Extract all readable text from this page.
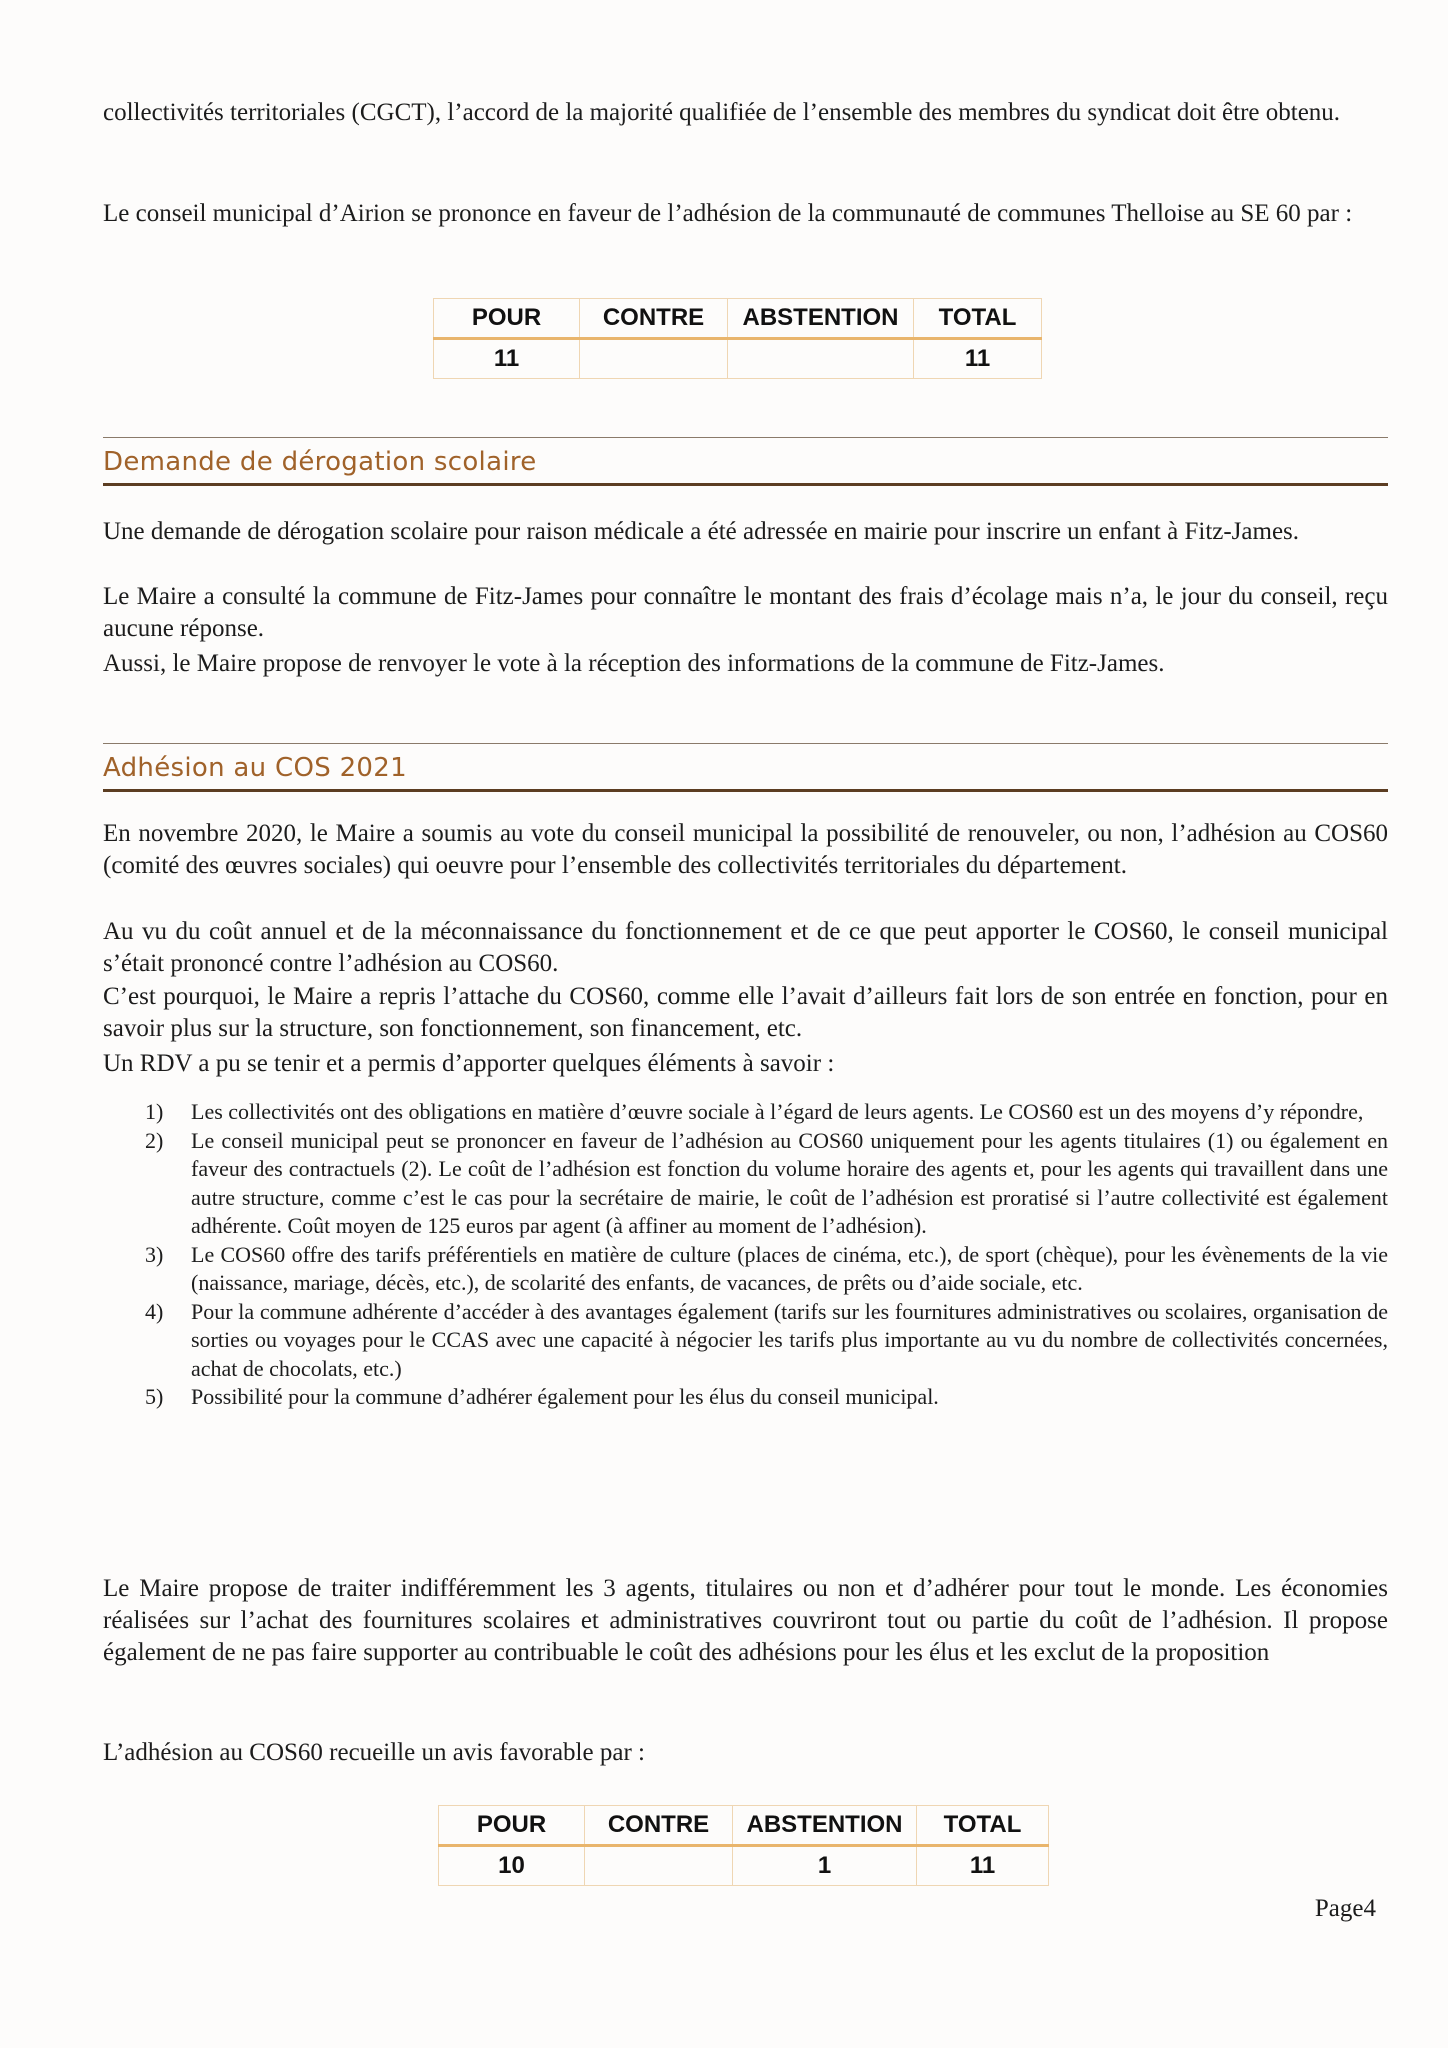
collectivités territoriales (CGCT), l’accord de la majorité qualifiée de l’ensemble des membres du syndicat doit être obtenu.

Le conseil municipal d’Airion se prononce en faveur de l’adhésion de la communauté de communes Thelloise au SE 60 par :

POUR	CONTRE	ABSTENTION	TOTAL
11			11
Demande de dérogation scolaire

Une demande de dérogation scolaire pour raison médicale a été adressée en mairie pour inscrire un enfant à Fitz-James.

Le Maire a consulté la commune de Fitz-James pour connaître le montant des frais d’écolage mais n’a, le jour du conseil, reçu aucune réponse.

Aussi, le Maire propose de renvoyer le vote à la réception des informations de la commune de Fitz-James.

Adhésion au COS 2021

En novembre 2020, le Maire a soumis au vote du conseil municipal la possibilité de renouveler, ou non, l’adhésion au COS60 (comité des œuvres sociales) qui oeuvre pour l’ensemble des collectivités territoriales du département.

Au vu du coût annuel et de la méconnaissance du fonctionnement et de ce que peut apporter le COS60, le conseil municipal s’était prononcé contre l’adhésion au COS60.

C’est pourquoi, le Maire a repris l’attache du COS60, comme elle l’avait d’ailleurs fait lors de son entrée en fonction, pour en savoir plus sur la structure, son fonctionnement, son financement, etc.

Un RDV a pu se tenir et a permis d’apporter quelques éléments à savoir :

1) Les collectivités ont des obligations en matière d’œuvre sociale à l’égard de leurs agents. Le COS60 est un des moyens d’y répondre,
2) Le conseil municipal peut se prononcer en faveur de l’adhésion au COS60 uniquement pour les agents titulaires (1) ou également en faveur des contractuels (2). Le coût de l’adhésion est fonction du volume horaire des agents et, pour les agents qui travaillent dans une autre structure, comme c’est le cas pour la secrétaire de mairie, le coût de l’adhésion est proratisé si l’autre collectivité est également adhérente. Coût moyen de 125 euros par agent (à affiner au moment de l’adhésion).
3) Le COS60 offre des tarifs préférentiels en matière de culture (places de cinéma, etc.), de sport (chèque), pour les évènements de la vie (naissance, mariage, décès, etc.), de scolarité des enfants, de vacances, de prêts ou d’aide sociale, etc.
4) Pour la commune adhérente d’accéder à des avantages également (tarifs sur les fournitures administratives ou scolaires, organisation de sorties ou voyages pour le CCAS avec une capacité à négocier les tarifs plus importante au vu du nombre de collectivités concernées, achat de chocolats, etc.)
5) Possibilité pour la commune d’adhérer également pour les élus du conseil municipal.

Le Maire propose de traiter indifféremment les 3 agents, titulaires ou non et d’adhérer pour tout le monde. Les économies réalisées sur l’achat des fournitures scolaires et administratives couvriront tout ou partie du coût de l’adhésion. Il propose également de ne pas faire supporter au contribuable le coût des adhésions pour les élus et les exclut de la proposition

L’adhésion au COS60 recueille un avis favorable par :

POUR	CONTRE	ABSTENTION	TOTAL
10		1	11
Page4
